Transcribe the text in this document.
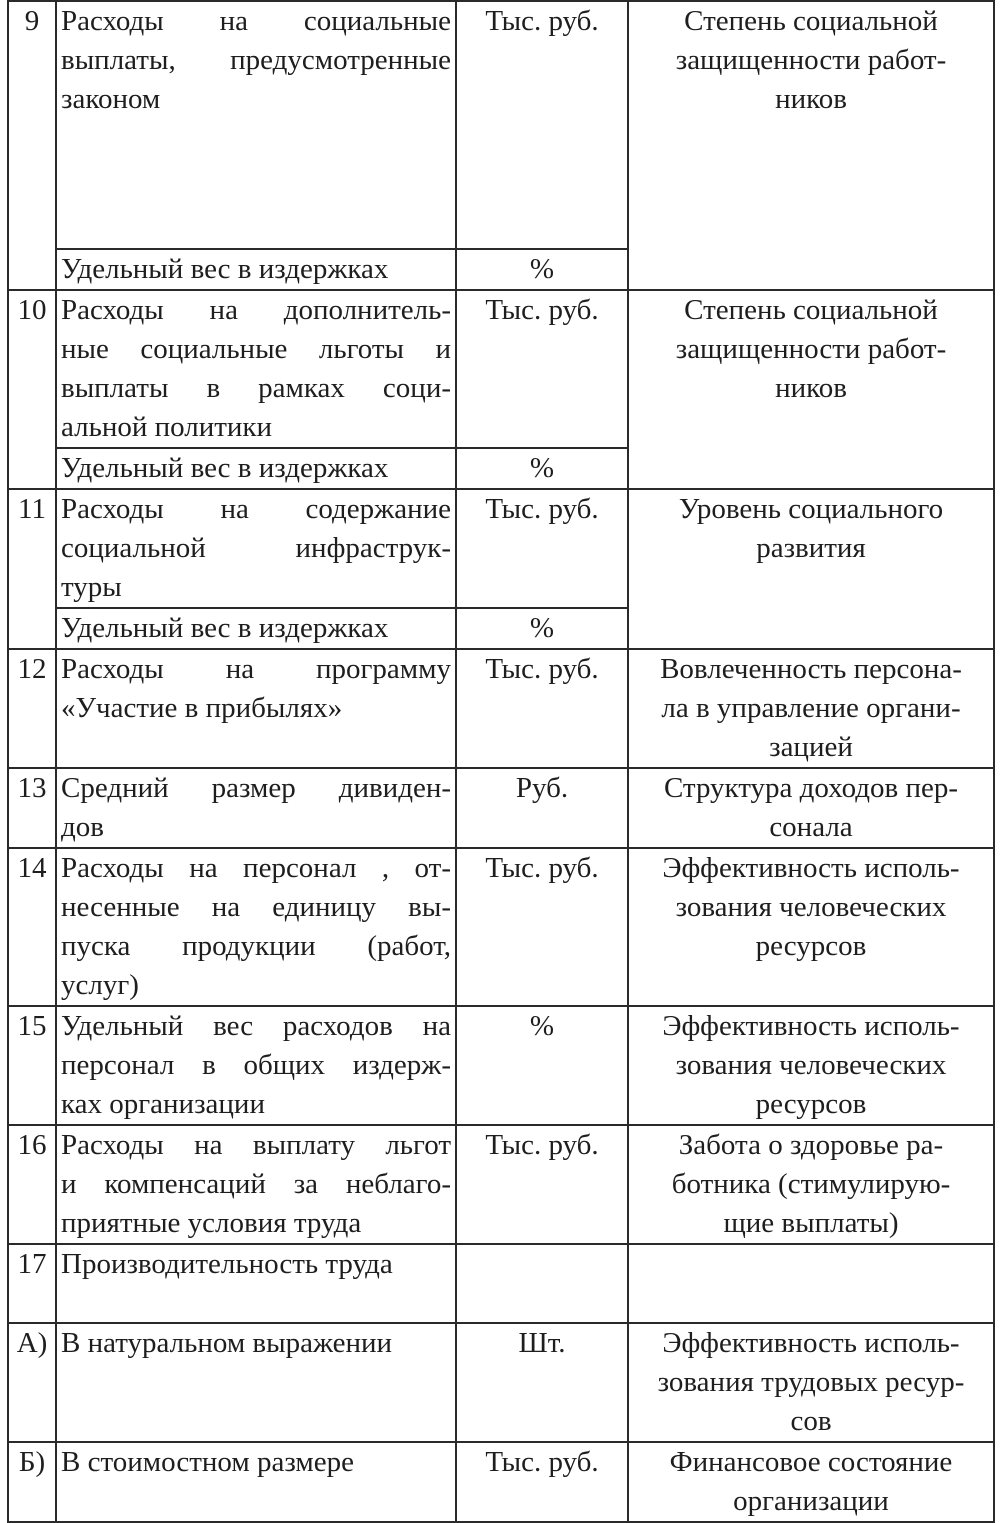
9	Расходы на социальные
выплаты, предусмотренные
законом	Тыс. руб.	Степень социальной
защищенности работ-
ников

	Удельный вес в издержках	%	
10	Расходы на дополнитель-
ные социальные льготы и
выплаты в рамках соци-
альной политики	Тыс. руб.	Степень социальной
защищенности работ-
ников

	Удельный вес в издержках	%	
11	Расходы на содержание
социальной инфраструк-
туры	Тыс. руб.	Уровень социального
развития

	Удельный вес в издержках	%	
12	Расходы на программу
«Участие в прибылях»	Тыс. руб.	Вовлеченность персона-
ла в управление органи-
зацией

13	Средний размер дивиден-
дов	Руб.	Структура доходов пер-
сонала

14	Расходы на персонал , от-
несенные на единицу вы-
пуска продукции (работ,
услуг)	Тыс. руб.	Эффективность исполь-
зования человеческих
ресурсов

15	Удельный вес расходов на
персонал в общих издерж-
ках организации	%	Эффективность исполь-
зования человеческих
ресурсов

16	Расходы на выплату льгот
и компенсаций за неблаго-
приятные условия труда	Тыс. руб.	Забота о здоровье ра-
ботника (стимулирую-
щие выплаты)

17	Производительность труда		

А)	В натуральном выражении	Шт.	Эффективность исполь-
зования трудовых ресур-
сов

Б)	В стоимостном размере	Тыс. руб.	Финансовое состояние
организации
